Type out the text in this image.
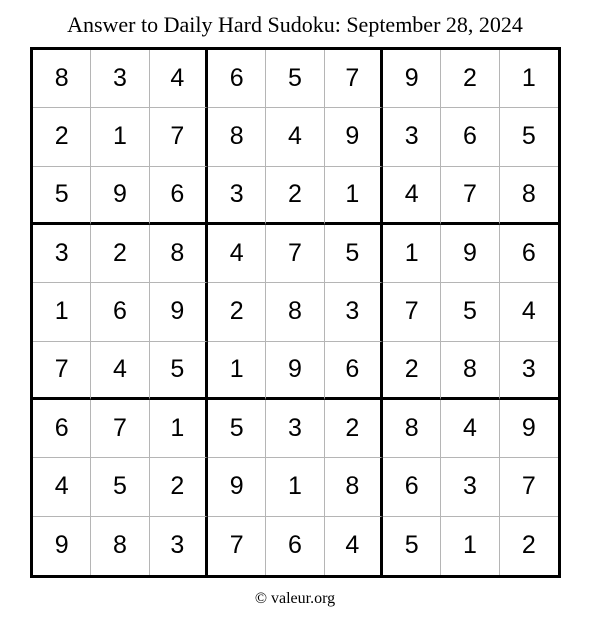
Answer to Daily Hard Sudoku: September 28, 2024
8	3	4	6	5	7	9	2	1
2	1	7	8	4	9	3	6	5
5	9	6	3	2	1	4	7	8
3	2	8	4	7	5	1	9	6
1	6	9	2	8	3	7	5	4
7	4	5	1	9	6	2	8	3
6	7	1	5	3	2	8	4	9
4	5	2	9	1	8	6	3	7
9	8	3	7	6	4	5	1	2
© valeur.org
